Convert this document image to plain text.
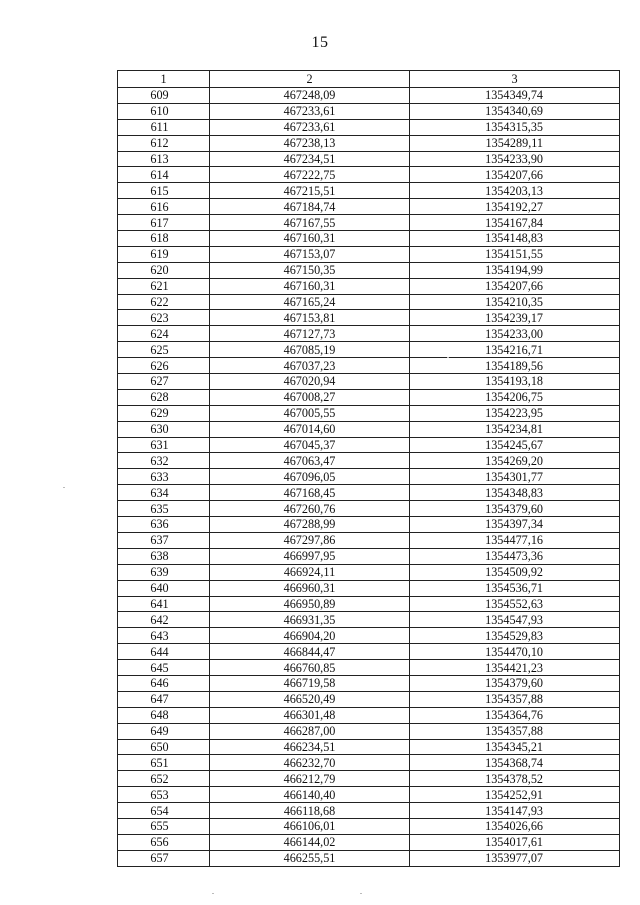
15
1	2	3
609	467248,09	1354349,74
610	467233,61	1354340,69
611	467233,61	1354315,35
612	467238,13	1354289,11
613	467234,51	1354233,90
614	467222,75	1354207,66
615	467215,51	1354203,13
616	467184,74	1354192,27
617	467167,55	1354167,84
618	467160,31	1354148,83
619	467153,07	1354151,55
620	467150,35	1354194,99
621	467160,31	1354207,66
622	467165,24	1354210,35
623	467153,81	1354239,17
624	467127,73	1354233,00
625	467085,19	1354216,71
626	467037,23	1354189,56
627	467020,94	1354193,18
628	467008,27	1354206,75
629	467005,55	1354223,95
630	467014,60	1354234,81
631	467045,37	1354245,67
632	467063,47	1354269,20
633	467096,05	1354301,77
634	467168,45	1354348,83
635	467260,76	1354379,60
636	467288,99	1354397,34
637	467297,86	1354477,16
638	466997,95	1354473,36
639	466924,11	1354509,92
640	466960,31	1354536,71
641	466950,89	1354552,63
642	466931,35	1354547,93
643	466904,20	1354529,83
644	466844,47	1354470,10
645	466760,85	1354421,23
646	466719,58	1354379,60
647	466520,49	1354357,88
648	466301,48	1354364,76
649	466287,00	1354357,88
650	466234,51	1354345,21
651	466232,70	1354368,74
652	466212,79	1354378,52
653	466140,40	1354252,91
654	466118,68	1354147,93
655	466106,01	1354026,66
656	466144,02	1354017,61
657	466255,51	1353977,07
